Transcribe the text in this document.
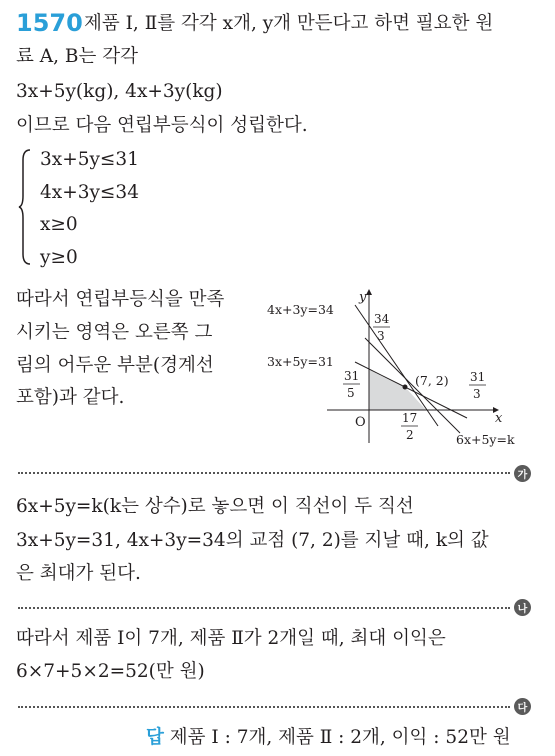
1570 제품 Ⅰ, Ⅱ를 각각 x개, y개 만든다고 하면 필요한 원
료 A, B는 각각
3x+5y(kg), 4x+3y(kg)
이므로 다음 연립부등식이 성립한다.
3x+5y≤31
4x+3y≤34
x≥0
y≥0
따라서 연립부등식을 만족
시키는 영역은 오른쪽 그
림의 어두운 부분(경계선
포함)과 같다.
x
y
O
(7, 2)
4x+3y=34
3x+5y=31
6x+5y=k
34
3
31
5
17
2
31
3
가
6x+5y=k(k는 상수)로 놓으면 이 직선이 두 직선
3x+5y=31, 4x+3y=34의 교점 (7, 2)를 지날 때, k의 값
은 최대가 된다.
나
따라서 제품 Ⅰ이 7개, 제품 Ⅱ가 2개일 때, 최대 이익은
6×7+5×2=52(만 원)
다
답 제품 Ⅰ : 7개, 제품 Ⅱ : 2개, 이익 : 52만 원
